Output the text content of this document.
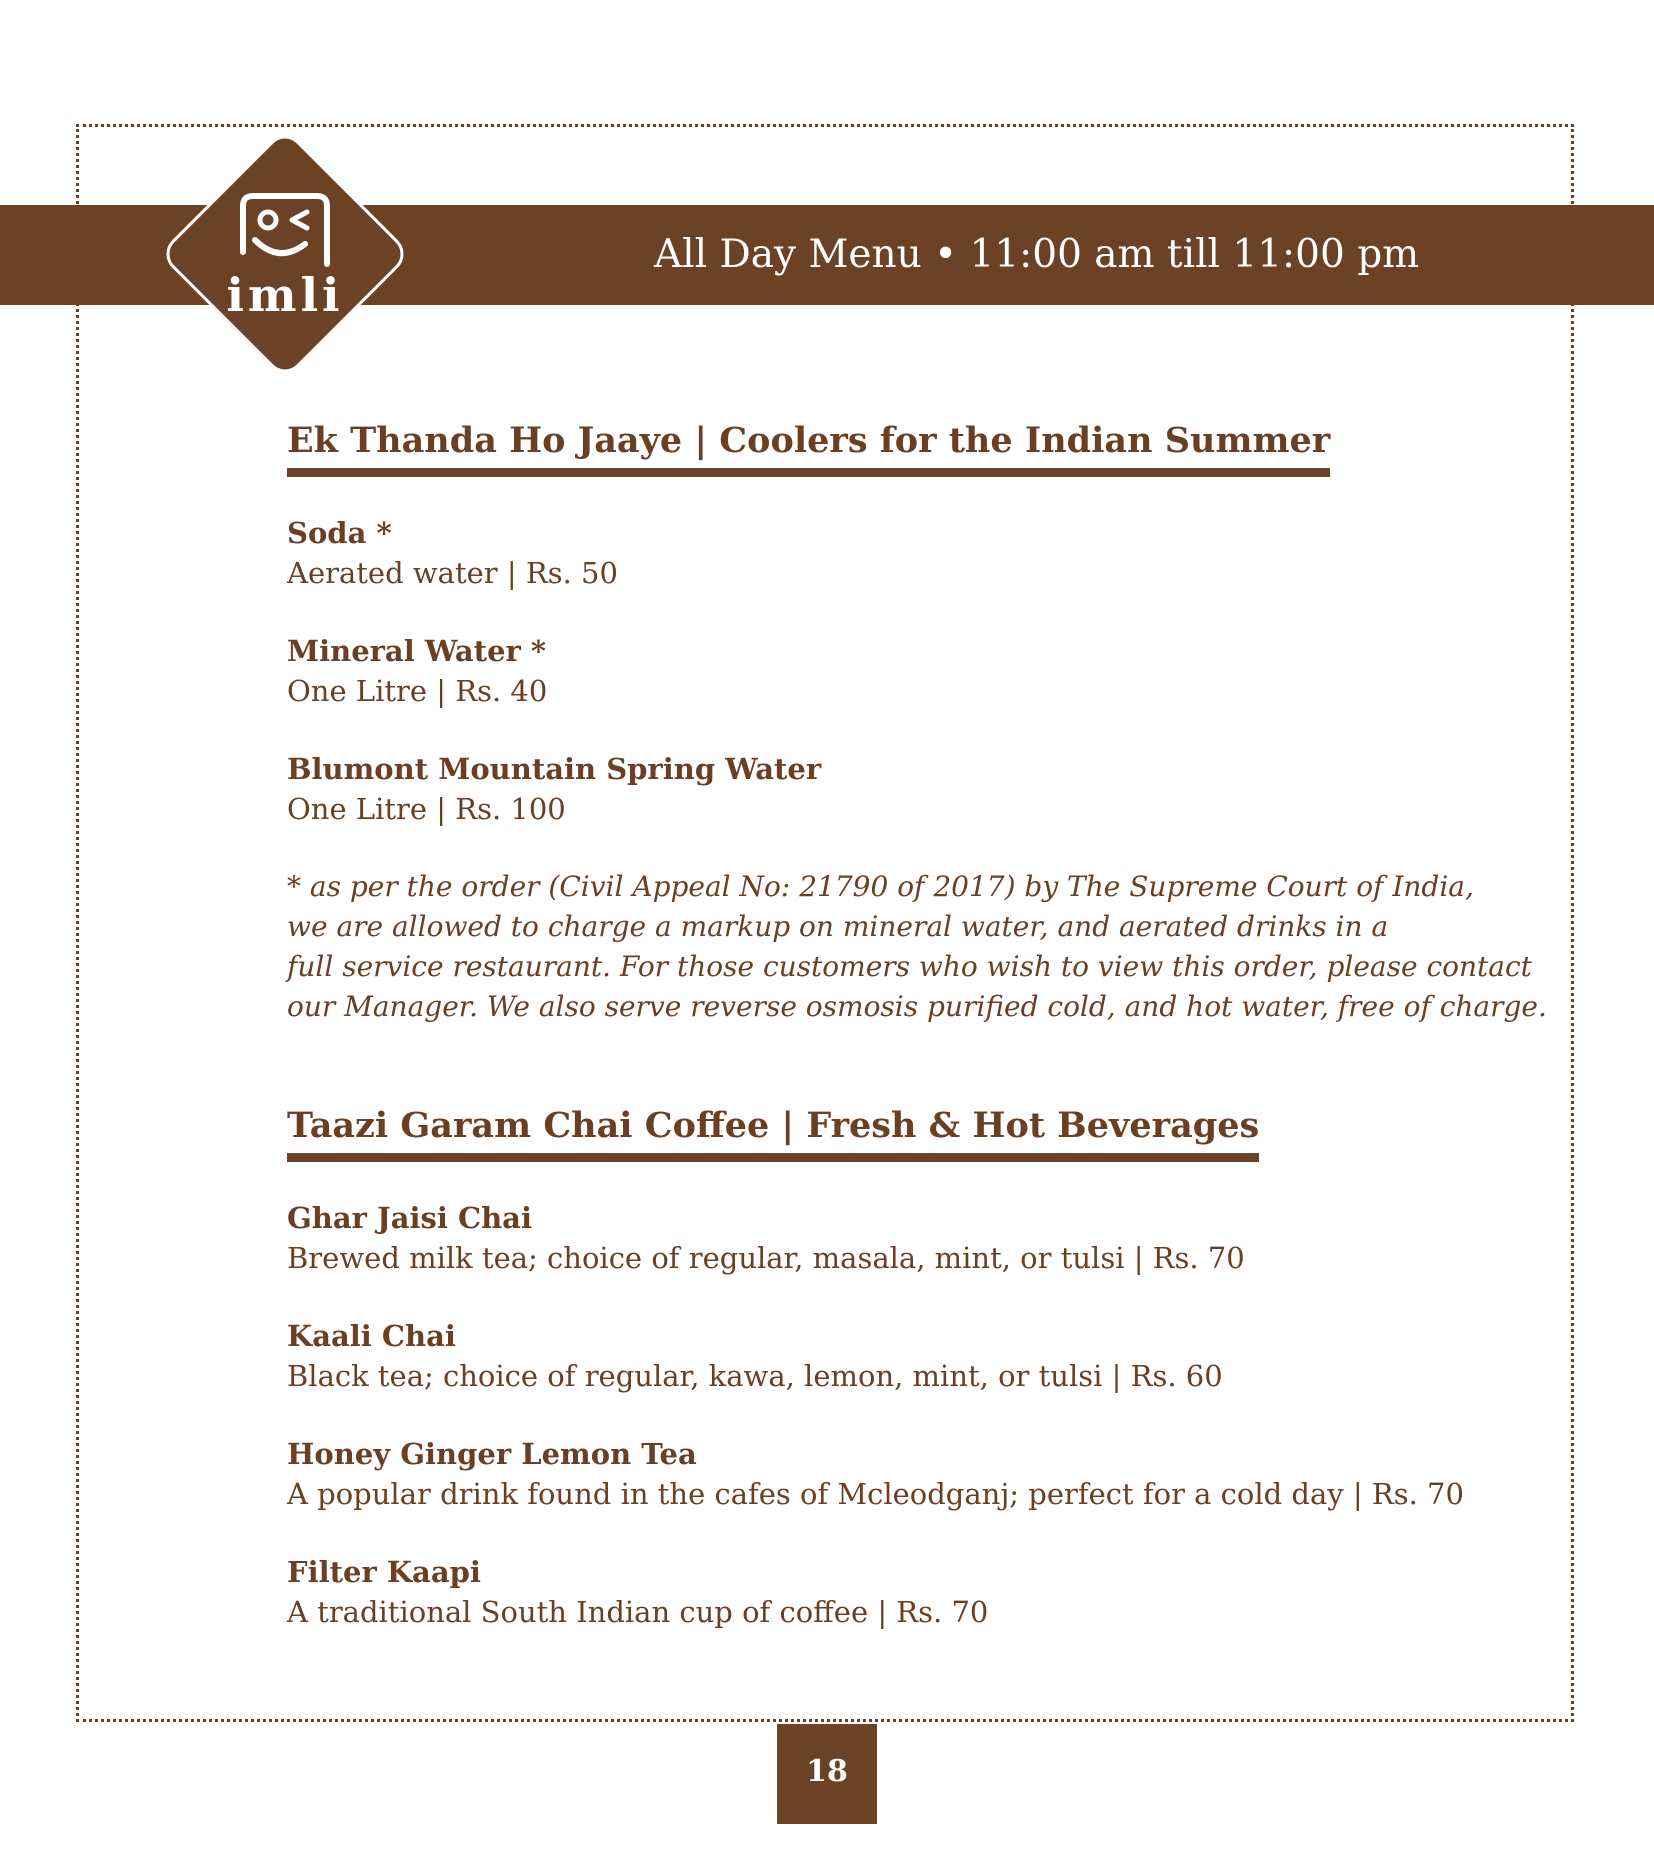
All Day Menu • 11:00 am till 11:00 pm
imli
Ek Thanda Ho Jaaye | Coolers for the Indian Summer
Soda *
Aerated water | Rs. 50
Mineral Water *
One Litre | Rs. 40
Blumont Mountain Spring Water
One Litre | Rs. 100
* as per the order (Civil Appeal No: 21790 of 2017) by The Supreme Court of India,
we are allowed to charge a markup on mineral water, and aerated drinks in a
full service restaurant. For those customers who wish to view this order, please contact
our Manager. We also serve reverse osmosis purified cold, and hot water, free of charge.
Taazi Garam Chai Coffee | Fresh & Hot Beverages
Ghar Jaisi Chai
Brewed milk tea; choice of regular, masala, mint, or tulsi | Rs. 70
Kaali Chai
Black tea; choice of regular, kawa, lemon, mint, or tulsi | Rs. 60
Honey Ginger Lemon Tea
A popular drink found in the cafes of Mcleodganj; perfect for a cold day | Rs. 70
Filter Kaapi
A traditional South Indian cup of coffee | Rs. 70
18
